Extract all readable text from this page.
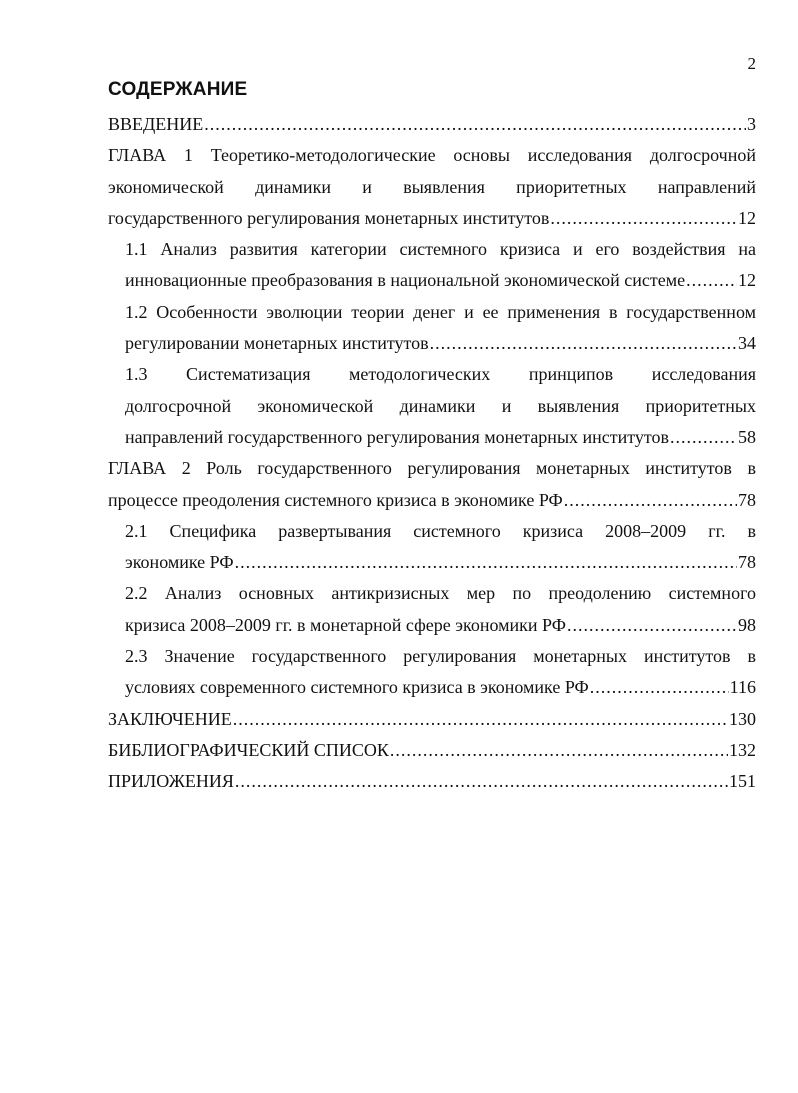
2
СОДЕРЖАНИЕ
ВВЕДЕНИЕ .....	3
ГЛАВА 1 Теоретико-методологические основы исследования долгосрочной
экономической динамики и выявления приоритетных направлений
государственного регулирования монетарных институтов .....	12
1.1 Анализ развития категории системного кризиса и его воздействия на
инновационные преобразования в национальной экономической системе .....	12
1.2 Особенности эволюции теории денег и ее применения в государственном
регулировании монетарных институтов .....	34
1.3 Систематизация методологических принципов исследования
долгосрочной экономической динамики и выявления приоритетных
направлений государственного регулирования монетарных институтов .....	58
ГЛАВА 2 Роль государственного регулирования монетарных институтов в
процессе преодоления системного кризиса в экономике РФ .....	78
2.1 Специфика развертывания системного кризиса 2008–2009 гг. в
экономике РФ .....	78
2.2 Анализ основных антикризисных мер по преодолению системного
кризиса 2008–2009 гг. в монетарной сфере экономики РФ .....	98
2.3 Значение государственного регулирования монетарных институтов в
условиях современного системного кризиса в экономике РФ .....	116
ЗАКЛЮЧЕНИЕ .....	130
БИБЛИОГРАФИЧЕСКИЙ СПИСОК .....	132
ПРИЛОЖЕНИЯ .....	151
